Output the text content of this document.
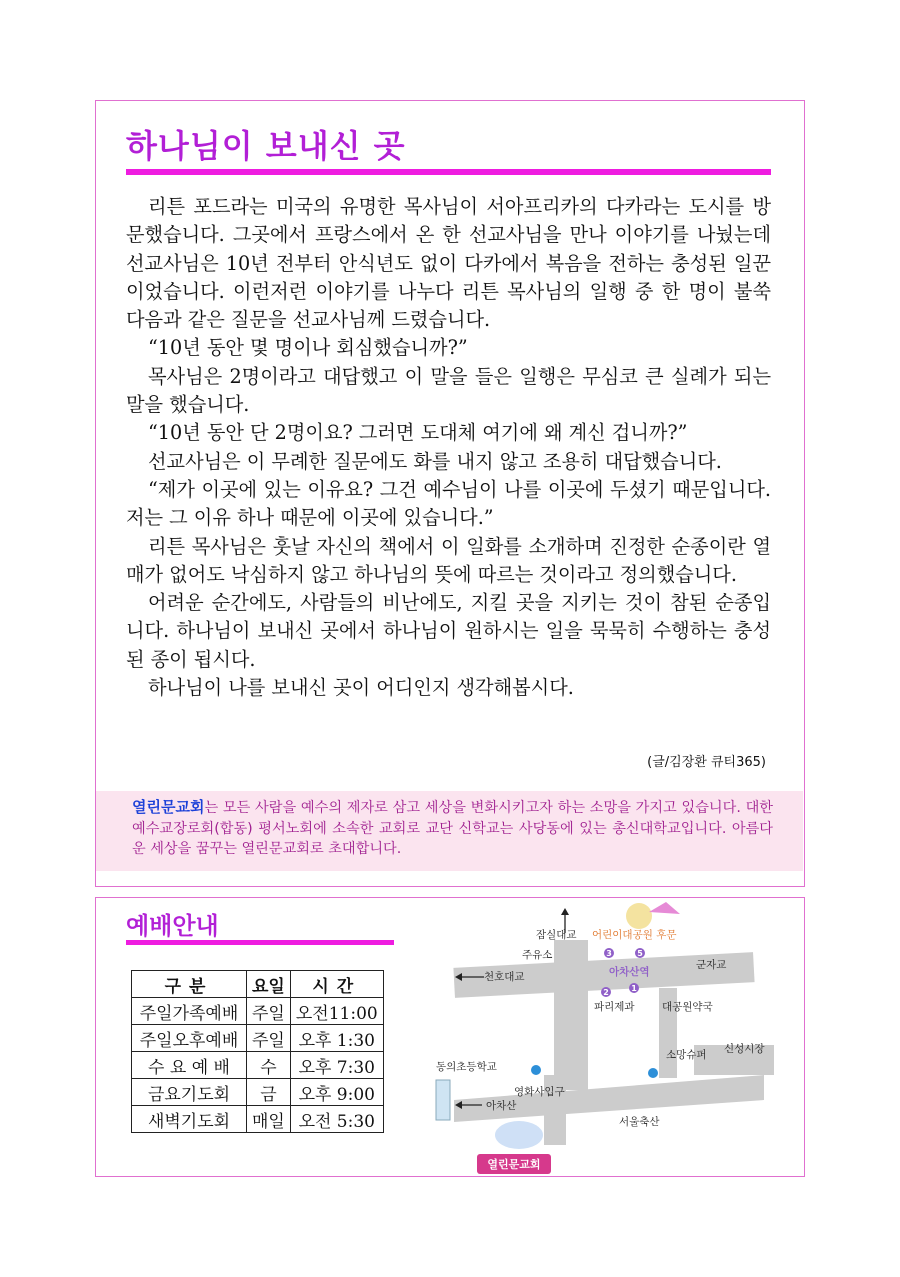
하나님이 보내신 곳

리튼 포드라는 미국의 유명한 목사님이 서아프리카의 다카라는 도시를 방문했습니다. 그곳에서 프랑스에서 온 한 선교사님을 만나 이야기를 나눴는데 선교사님은 10년 전부터 안식년도 없이 다카에서 복음을 전하는 충성된 일꾼이었습니다. 이런저런 이야기를 나누다 리튼 목사님의 일행 중 한 명이 불쑥 다음과 같은 질문을 선교사님께 드렸습니다.

“10년 동안 몇 명이나 회심했습니까?”

목사님은 2명이라고 대답했고 이 말을 들은 일행은 무심코 큰 실례가 되는 말을 했습니다.

“10년 동안 단 2명이요? 그러면 도대체 여기에 왜 계신 겁니까?”

선교사님은 이 무례한 질문에도 화를 내지 않고 조용히 대답했습니다.

“제가 이곳에 있는 이유요? 그건 예수님이 나를 이곳에 두셨기 때문입니다. 저는 그 이유 하나 때문에 이곳에 있습니다.”

리튼 목사님은 훗날 자신의 책에서 이 일화를 소개하며 진정한 순종이란 열매가 없어도 낙심하지 않고 하나님의 뜻에 따르는 것이라고 정의했습니다.

어려운 순간에도, 사람들의 비난에도, 지킬 곳을 지키는 것이 참된 순종입니다. 하나님이 보내신 곳에서 하나님이 원하시는 일을 묵묵히 수행하는 충성된 종이 됩시다.

하나님이 나를 보내신 곳이 어디인지 생각해봅시다.

(글/김장환 큐티365)
열린문교회는 모든 사람을 예수의 제자로 삼고 세상을 변화시키고자 하는 소망을 가지고 있습니다. 대한예수교장로회(합동) 평서노회에 소속한 교회로 교단 신학교는 사당동에 있는 총신대학교입니다. 아름다운 세상을 꿈꾸는 열린문교회로 초대합니다.
예배안내
구분	요일	시간
주일가족예배	주일	오전11:00
주일오후예배	주일	오후 1:30
수 요 예 배	수	오후 7:30
금요기도회	금	오후 9:00
새벽기도회	매일	오전 5:30
3	5
2	1
잠실대교 어린이대공원 후문
주유소
천호대교
군자교
아차산역
파리제과	대공원약국
소망슈퍼 신성시장
동의초등학교
영화사입구
아차산
서울축산
열린문교회
